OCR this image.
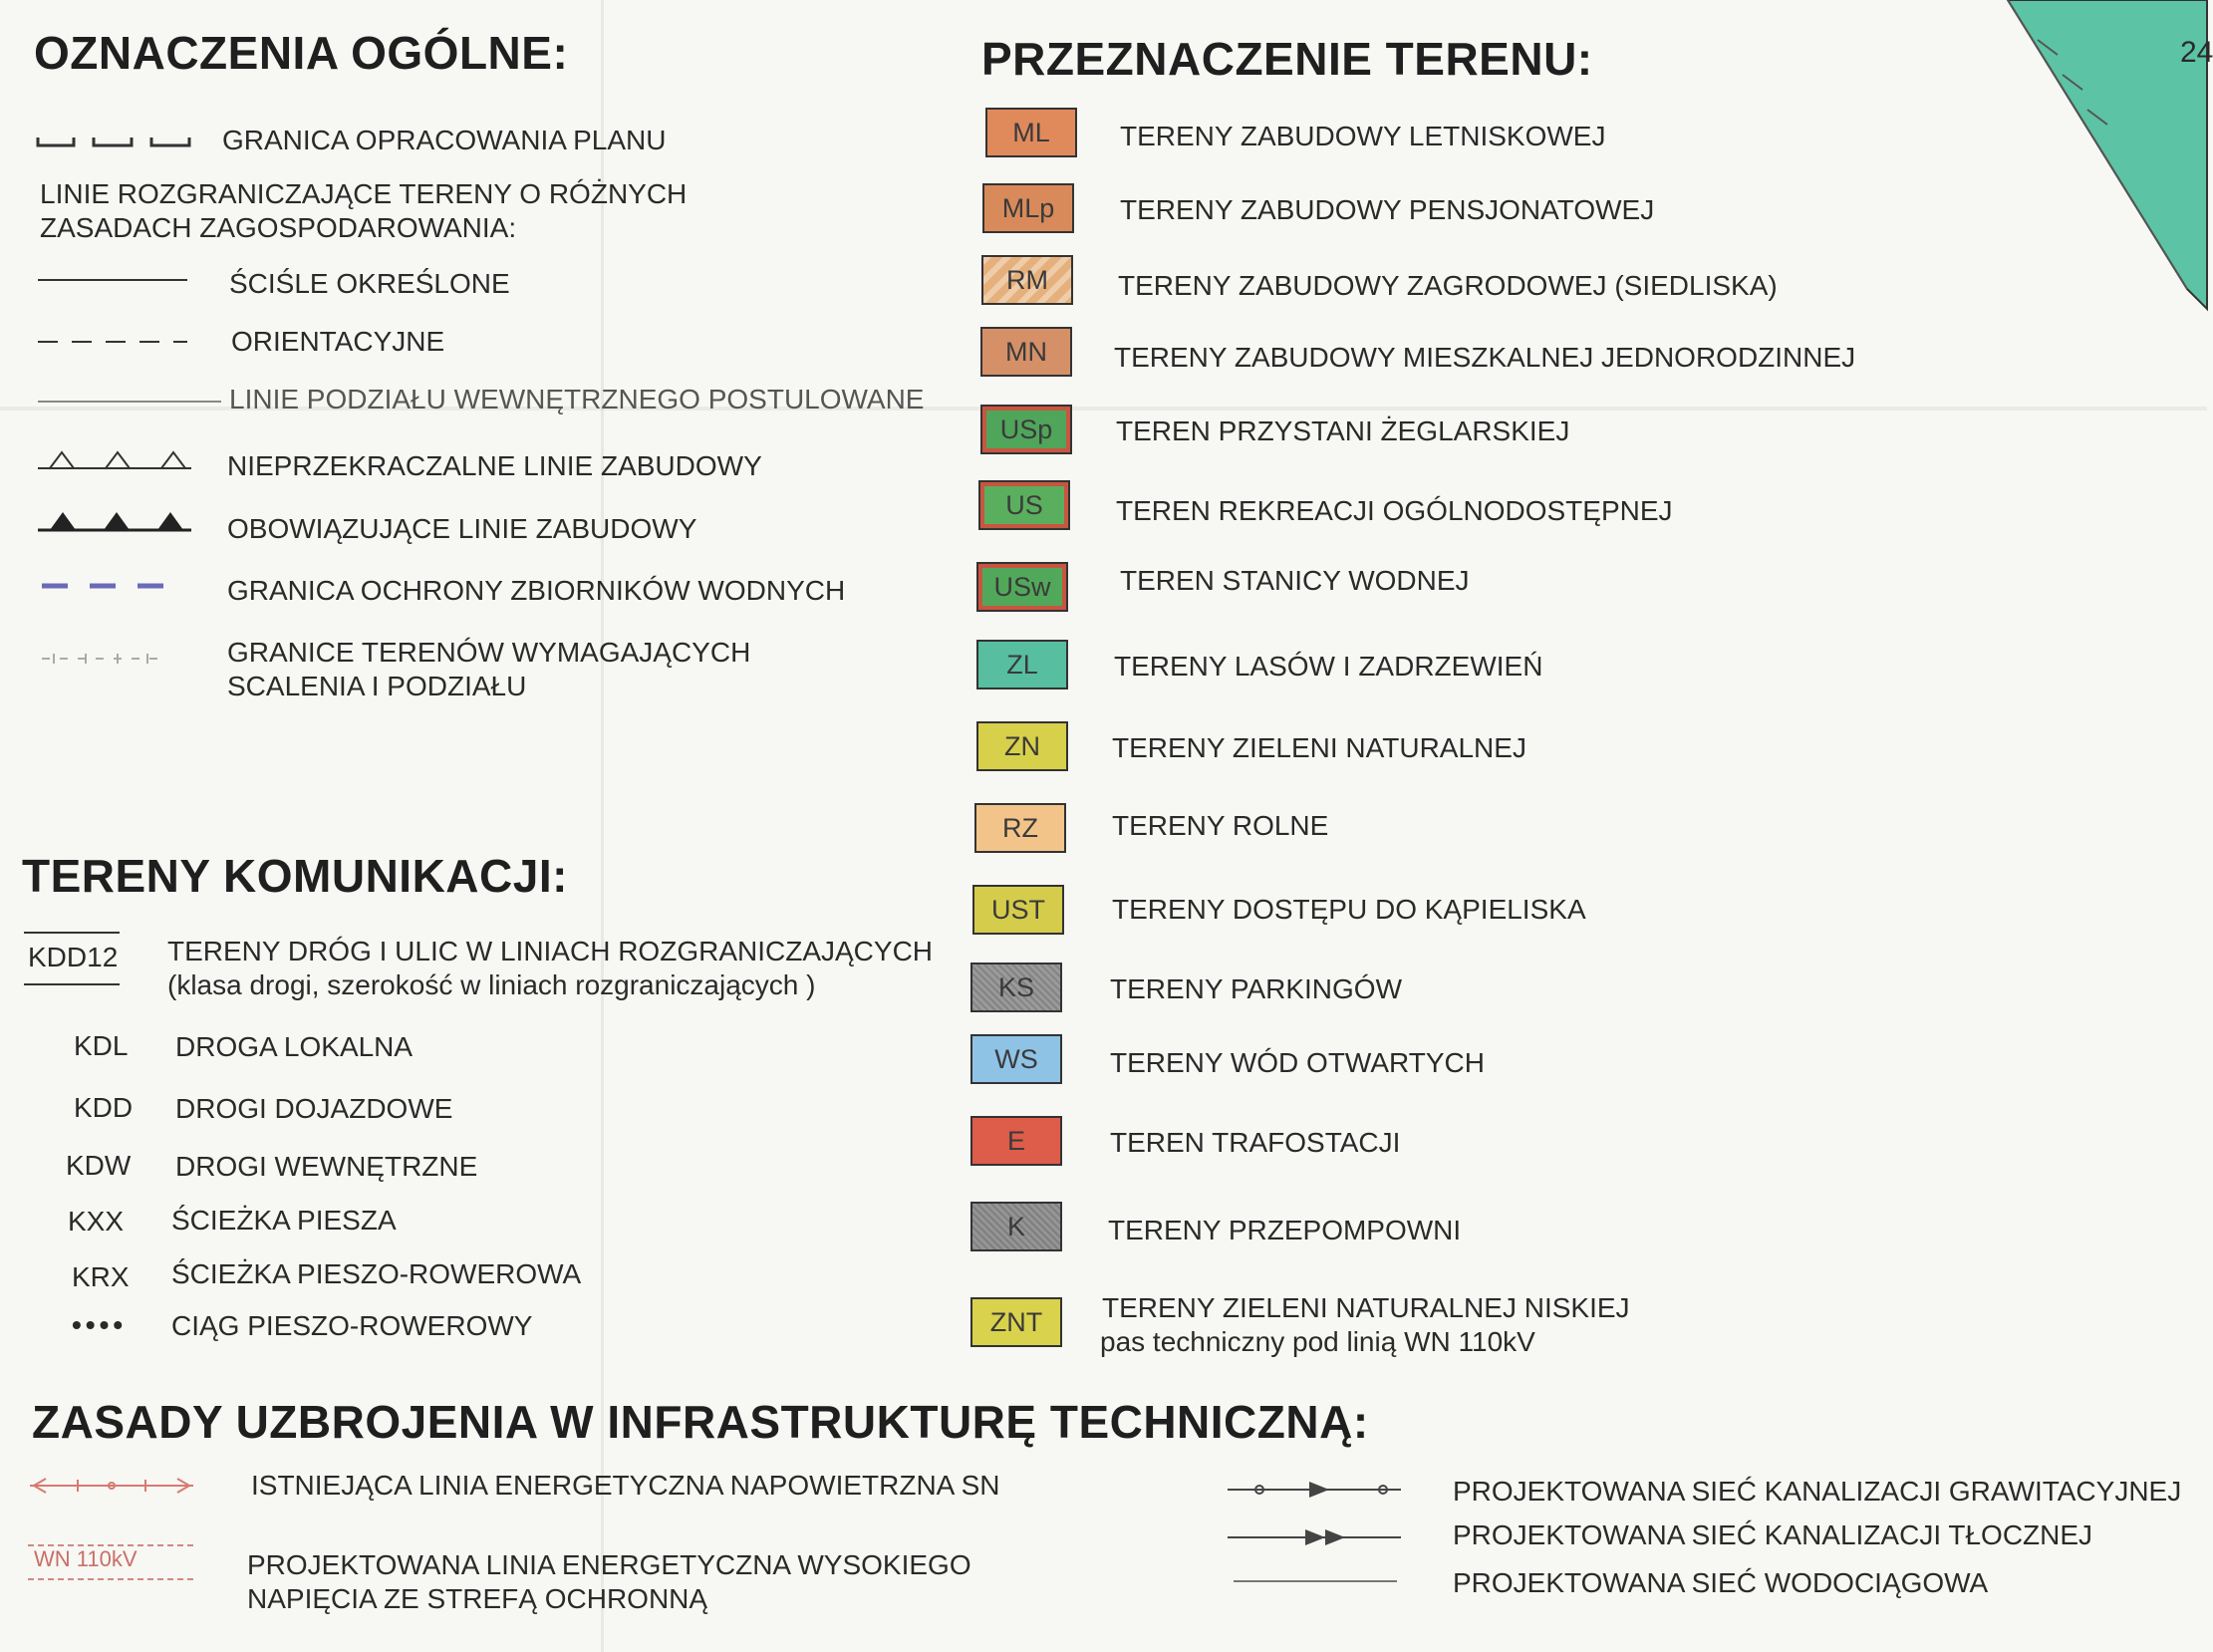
24
OZNACZENIA OGÓLNE:
GRANICA OPRACOWANIA PLANU
LINIE ROZGRANICZAJĄCE TERENY O RÓŻNYCH
ZASADACH ZAGOSPODAROWANIA:
ŚCIŚLE OKREŚLONE
ORIENTACYJNE
LINIE PODZIAŁU WEWNĘTRZNEGO POSTULOWANE
NIEPRZEKRACZALNE LINIE ZABUDOWY
OBOWIĄZUJĄCE LINIE ZABUDOWY
GRANICA OCHRONY ZBIORNIKÓW WODNYCH
GRANICE TERENÓW WYMAGAJĄCYCH
SCALENIA I PODZIAŁU
TERENY KOMUNIKACJI:
KDD12 TERENY DRÓG I ULIC W LINIACH ROZGRANICZAJĄCYCH
(klasa drogi, szerokość w liniach rozgraniczających )
KDL DROGA LOKALNA
KDD DROGI DOJAZDOWE
KDW DROGI WEWNĘTRZNE
KXX ŚCIEŻKA PIESZA
KRX ŚCIEŻKA PIESZO-ROWEROWA
•••• CIĄG PIESZO-ROWEROWY
PRZEZNACZENIE TERENU:
ML	TERENY ZABUDOWY LETNISKOWEJ
MLp	TERENY ZABUDOWY PENSJONATOWEJ
RM	TERENY ZABUDOWY ZAGRODOWEJ (SIEDLISKA)
MN	TERENY ZABUDOWY MIESZKALNEJ JEDNORODZINNEJ
USp	TEREN PRZYSTANI ŻEGLARSKIEJ
US	TEREN REKREACJI OGÓLNODOSTĘPNEJ
USw	TEREN STANICY WODNEJ
ZL	TERENY LASÓW I ZADRZEWIEŃ
ZN	TERENY ZIELENI NATURALNEJ
RZ	TERENY ROLNE
UST	TERENY DOSTĘPU DO KĄPIELISKA
KS	TERENY PARKINGÓW
WS	TERENY WÓD OTWARTYCH
E	TEREN TRAFOSTACJI
K	TERENY PRZEPOMPOWNI
ZNT	TERENY ZIELENI NATURALNEJ NISKIEJ
pas techniczny pod linią WN 110kV
ZASADY UZBROJENIA W INFRASTRUKTURĘ TECHNICZNĄ:
ISTNIEJĄCA LINIA ENERGETYCZNA NAPOWIETRZNA SN
WN 110kV	PROJEKTOWANA LINIA ENERGETYCZNA WYSOKIEGO
NAPIĘCIA ZE STREFĄ OCHRONNĄ
PROJEKTOWANA SIEĆ KANALIZACJI GRAWITACYJNEJ
PROJEKTOWANA SIEĆ KANALIZACJI TŁOCZNEJ
PROJEKTOWANA SIEĆ WODOCIĄGOWA
